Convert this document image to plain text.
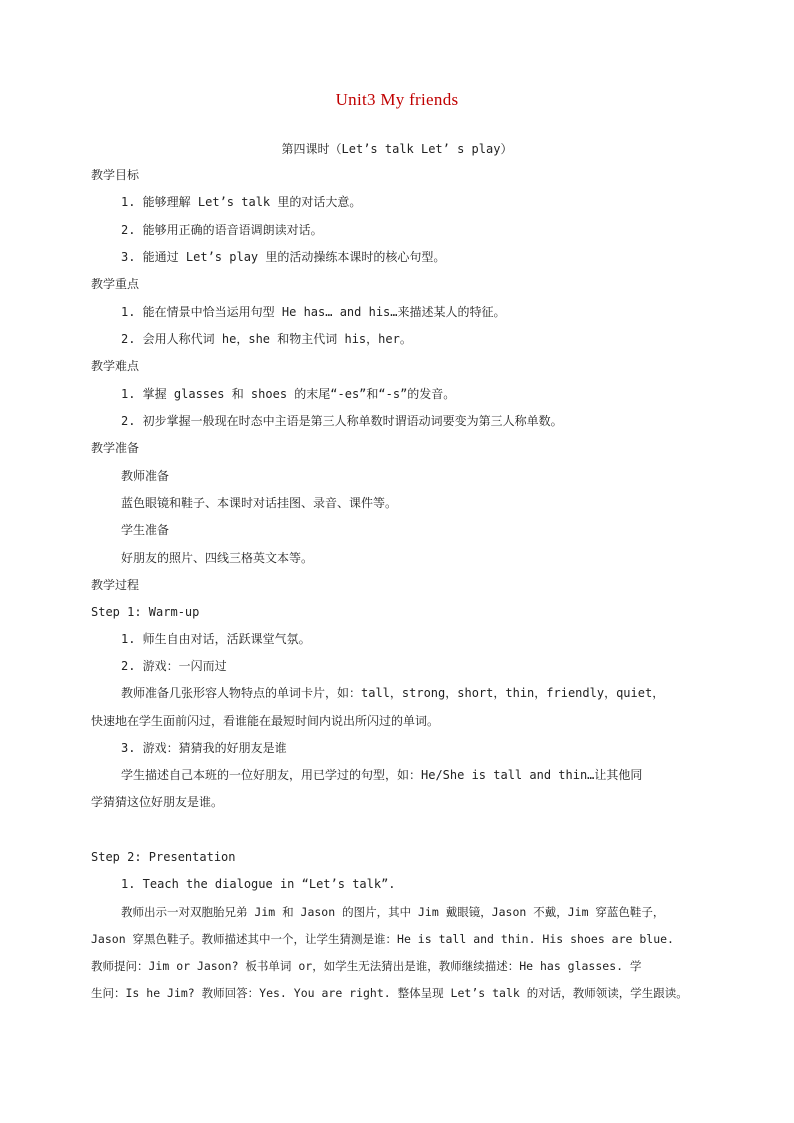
Unit3 My friends
第四课时（Let’s talk Let’ s play）
教学目标
1. 能够理解 Let’s talk 里的对话大意。
2. 能够用正确的语音语调朗读对话。
3. 能通过 Let’s play 里的活动操练本课时的核心句型。
教学重点
1. 能在情景中恰当运用句型 He has… and his…来描述某人的特征。
2. 会用人称代词 he，she 和物主代词 his，her。
教学难点
1. 掌握 glasses 和 shoes 的末尾“-es”和“-s”的发音。
2. 初步掌握一般现在时态中主语是第三人称单数时谓语动词要变为第三人称单数。
教学准备
教师准备
蓝色眼镜和鞋子、本课时对话挂图、录音、课件等。
学生准备
好朋友的照片、四线三格英文本等。
教学过程
Step 1: Warm-up
1. 师生自由对话，活跃课堂气氛。
2. 游戏：一闪而过
教师准备几张形容人物特点的单词卡片，如：tall，strong，short，thin，friendly，quiet，
快速地在学生面前闪过，看谁能在最短时间内说出所闪过的单词。
3. 游戏：猜猜我的好朋友是谁
学生描述自己本班的一位好朋友，用已学过的句型，如：He/She is tall and thin…让其他同
学猜猜这位好朋友是谁。
Step 2: Presentation
1. Teach the dialogue in “Let’s talk”.
教师出示一对双胞胎兄弟 Jim 和 Jason 的图片，其中 Jim 戴眼镜，Jason 不戴，Jim 穿蓝色鞋子，
Jason 穿黑色鞋子。教师描述其中一个，让学生猜测是谁：He is tall and thin. His shoes are blue.
教师提问：Jim or Jason? 板书单词 or，如学生无法猜出是谁，教师继续描述：He has glasses. 学
生问：Is he Jim? 教师回答：Yes. You are right. 整体呈现 Let’s talk 的对话，教师领读，学生跟读。
